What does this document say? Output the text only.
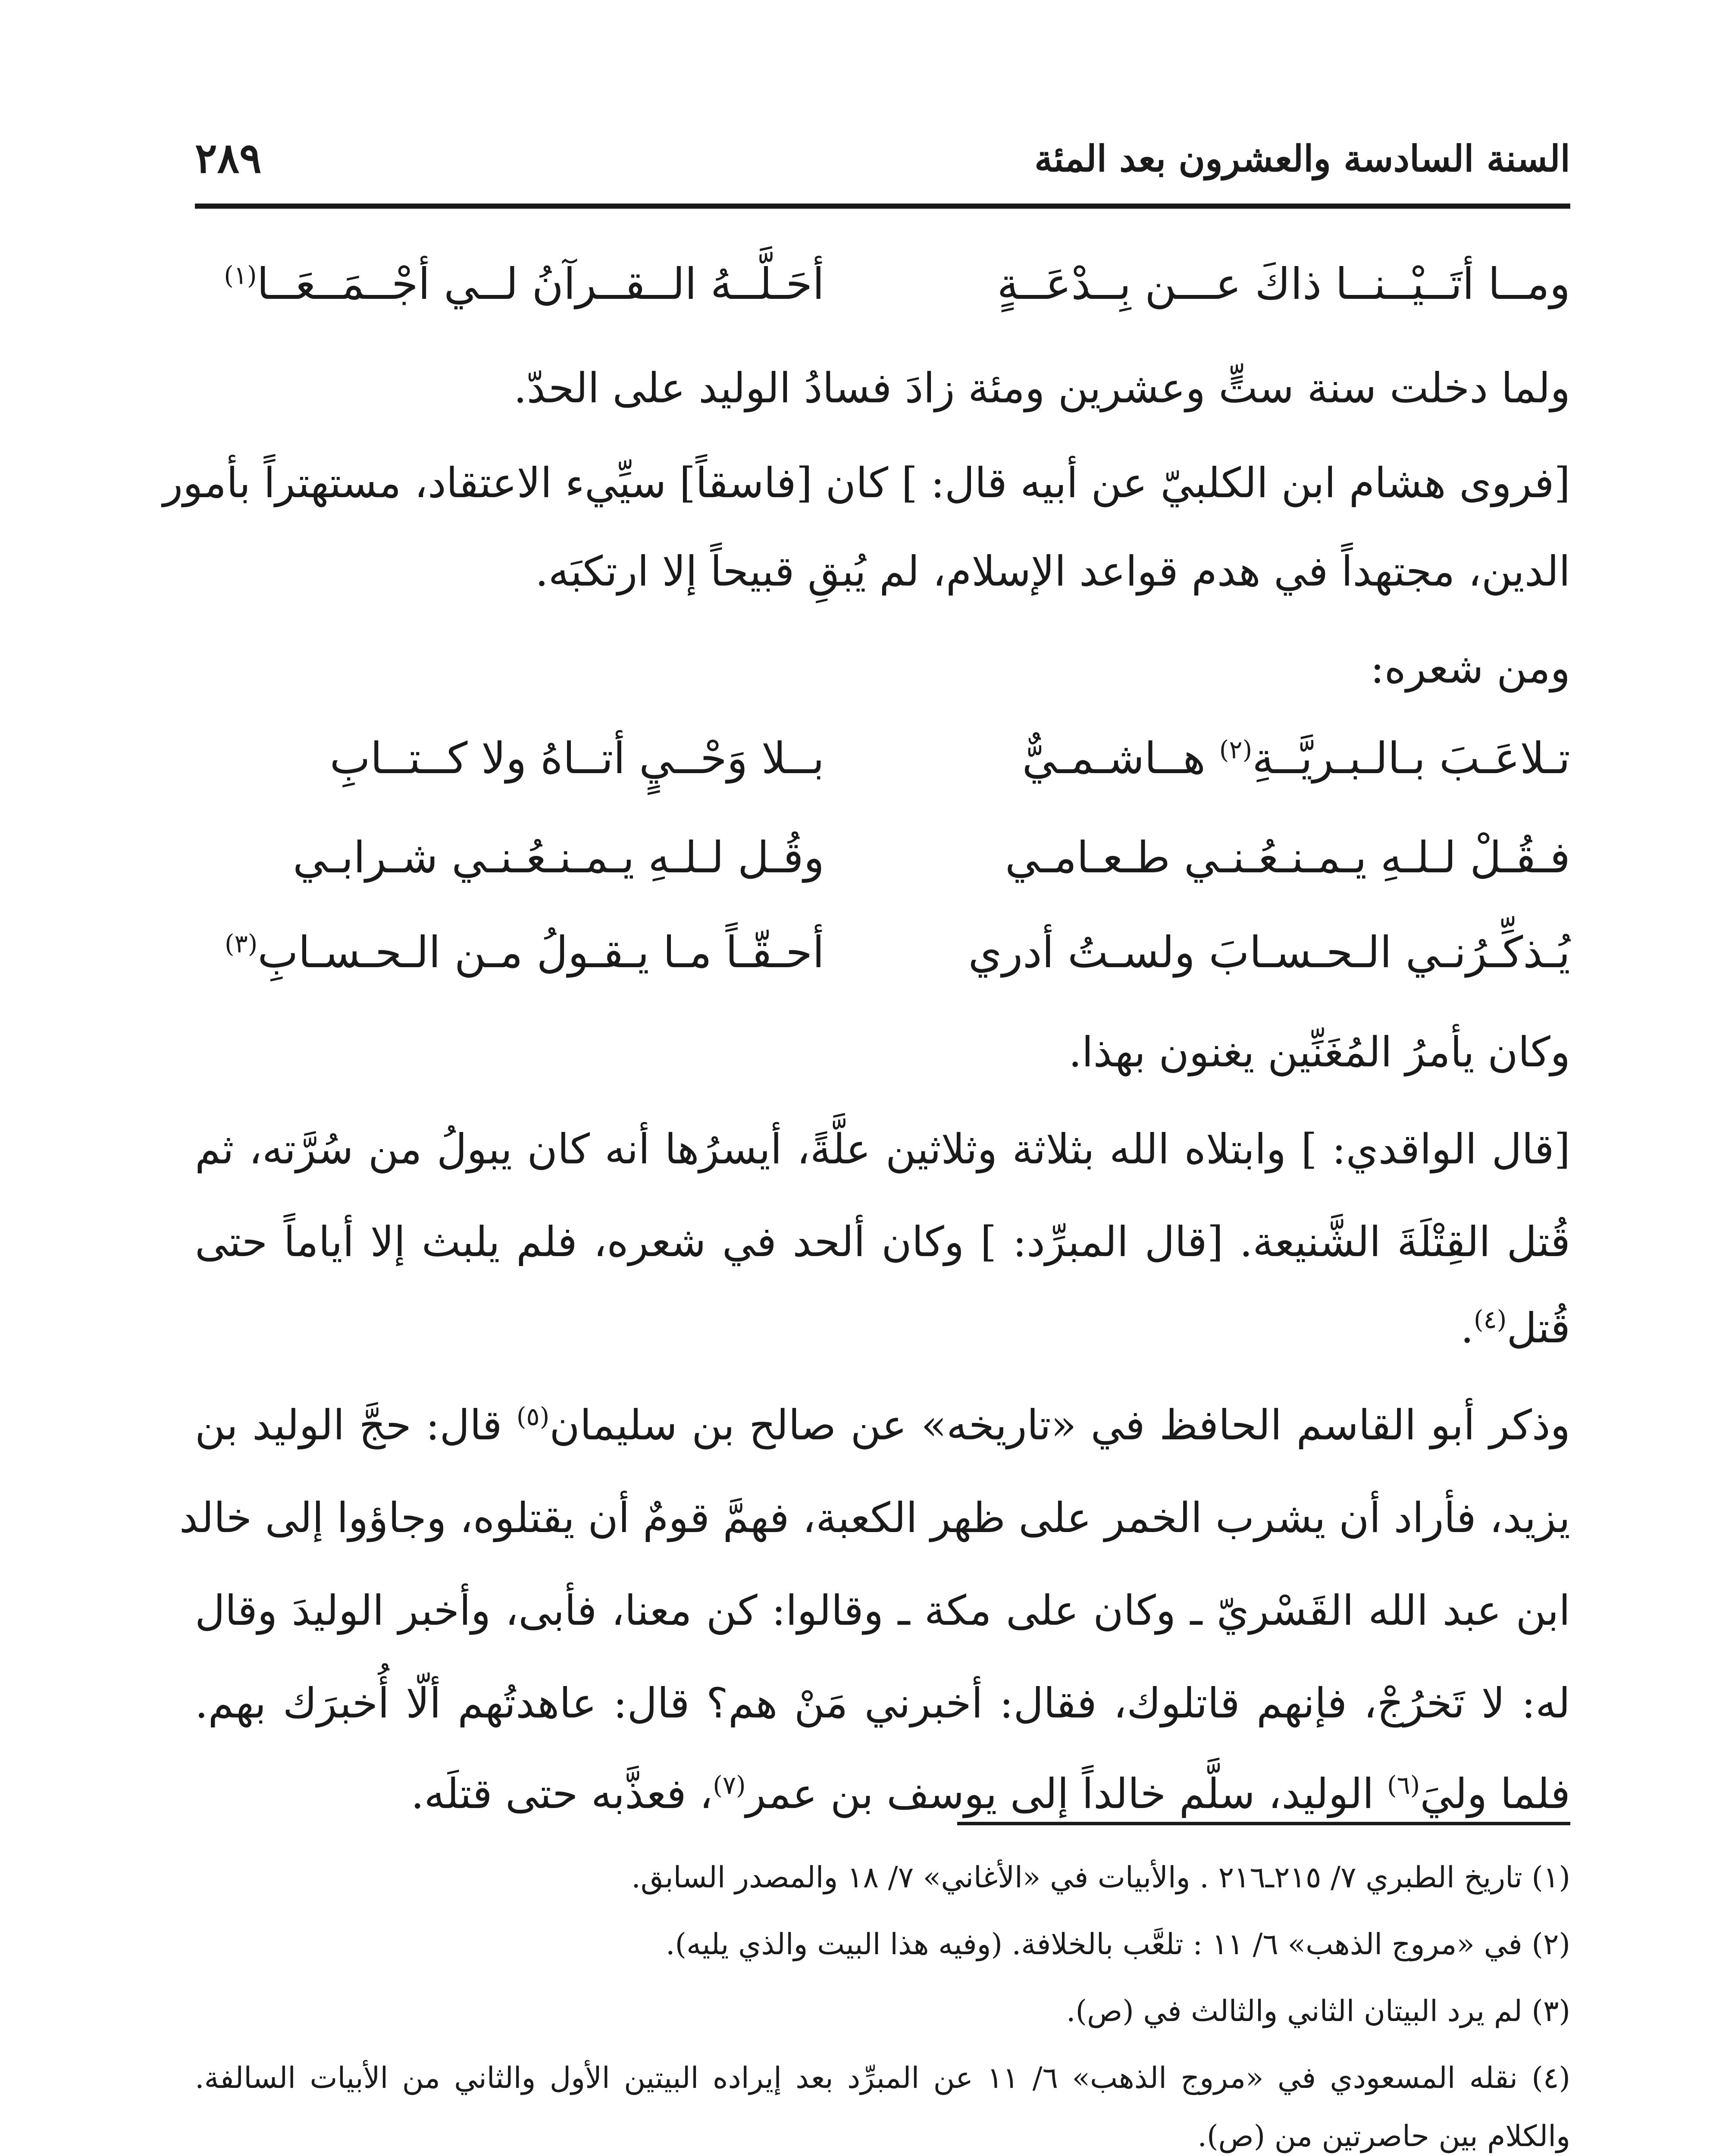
السنة السادسة والعشرون بعد المئة
٢٨٩
ومــا أتَــيْــنــا ذاكَ عـــن بِــدْعَــةٍ
أحَـلَّــهُ الــقــرآنُ لــي أجْــمَــعَــا$^{(١)}$
ولما دخلت سنة ستٍّ وعشرين ومئة زادَ فسادُ الوليد على الحدّ.
[فروى هشام ابن الكلبيّ عن أبيه قال: ] كان [فاسقاً] سيِّيء الاعتقاد، مستهتراً بأمور
الدين، مجتهداً في هدم قواعد الإسلام، لم يُبقِ قبيحاً إلا ارتكبَه.
ومن شعره:
تـلاعَـبَ بـالـبـريَّــةِ$^{(٢)}$ هــاشـمـيٌّ
بــلا وَحْــيٍ أتــاهُ ولا كــتــابِ
فـقُـلْ لـلـهِ يـمـنـعُـنـي طـعـامـي
وقُـل لـلـهِ يـمـنـعُـنـي شـرابـي
يُـذكِّـرُنـي الـحـسـابَ ولسـتُ أدري
أحـقّـاً مـا يـقـولُ مـن الـحـسـابِ$^{(٣)}$
وكان يأمرُ المُغَنِّين يغنون بهذا.
[قال الواقدي: ] وابتلاه الله بثلاثة وثلاثين علَّةً، أيسرُها أنه كان يبولُ من سُرَّته، ثم
قُتل القِتْلَةَ الشَّنيعة. [قال المبرِّد: ] وكان ألحد في شعره، فلم يلبث إلا أياماً حتى
قُتل$^{(٤)}$.
وذكر أبو القاسم الحافظ في «تاريخه» عن صالح بن سليمان$^{(٥)}$ قال: حجَّ الوليد بن
يزيد، فأراد أن يشرب الخمر على ظهر الكعبة، فهمَّ قومٌ أن يقتلوه، وجاؤوا إلى خالد
ابن عبد الله القَسْريّ ـ وكان على مكة ـ وقالوا: كن معنا، فأبى، وأخبر الوليدَ وقال
له: لا تَخرُجْ، فإنهم قاتلوك، فقال: أخبرني مَنْ هم؟ قال: عاهدتُهم ألّا أُخبرَك بهم.
فلما وليَ$^{(٦)}$ الوليد، سلَّم خالداً إلى يوسف بن عمر$^{(٧)}$، فعذَّبه حتى قتلَه.
(١) تاريخ الطبري ٧/ ٢١٥ـ٢١٦ . والأبيات في «الأغاني» ٧/ ١٨ والمصدر السابق.
(٢) في «مروج الذهب» ٦/ ١١ : تلعَّب بالخلافة. (وفيه هذا البيت والذي يليه).
(٣) لم يرد البيتان الثاني والثالث في (ص).
(٤) نقله المسعودي في «مروج الذهب» ٦/ ١١ عن المبرِّد بعد إيراده البيتين الأول والثاني من الأبيات السالفة.
والكلام بين حاصرتين من (ص).
